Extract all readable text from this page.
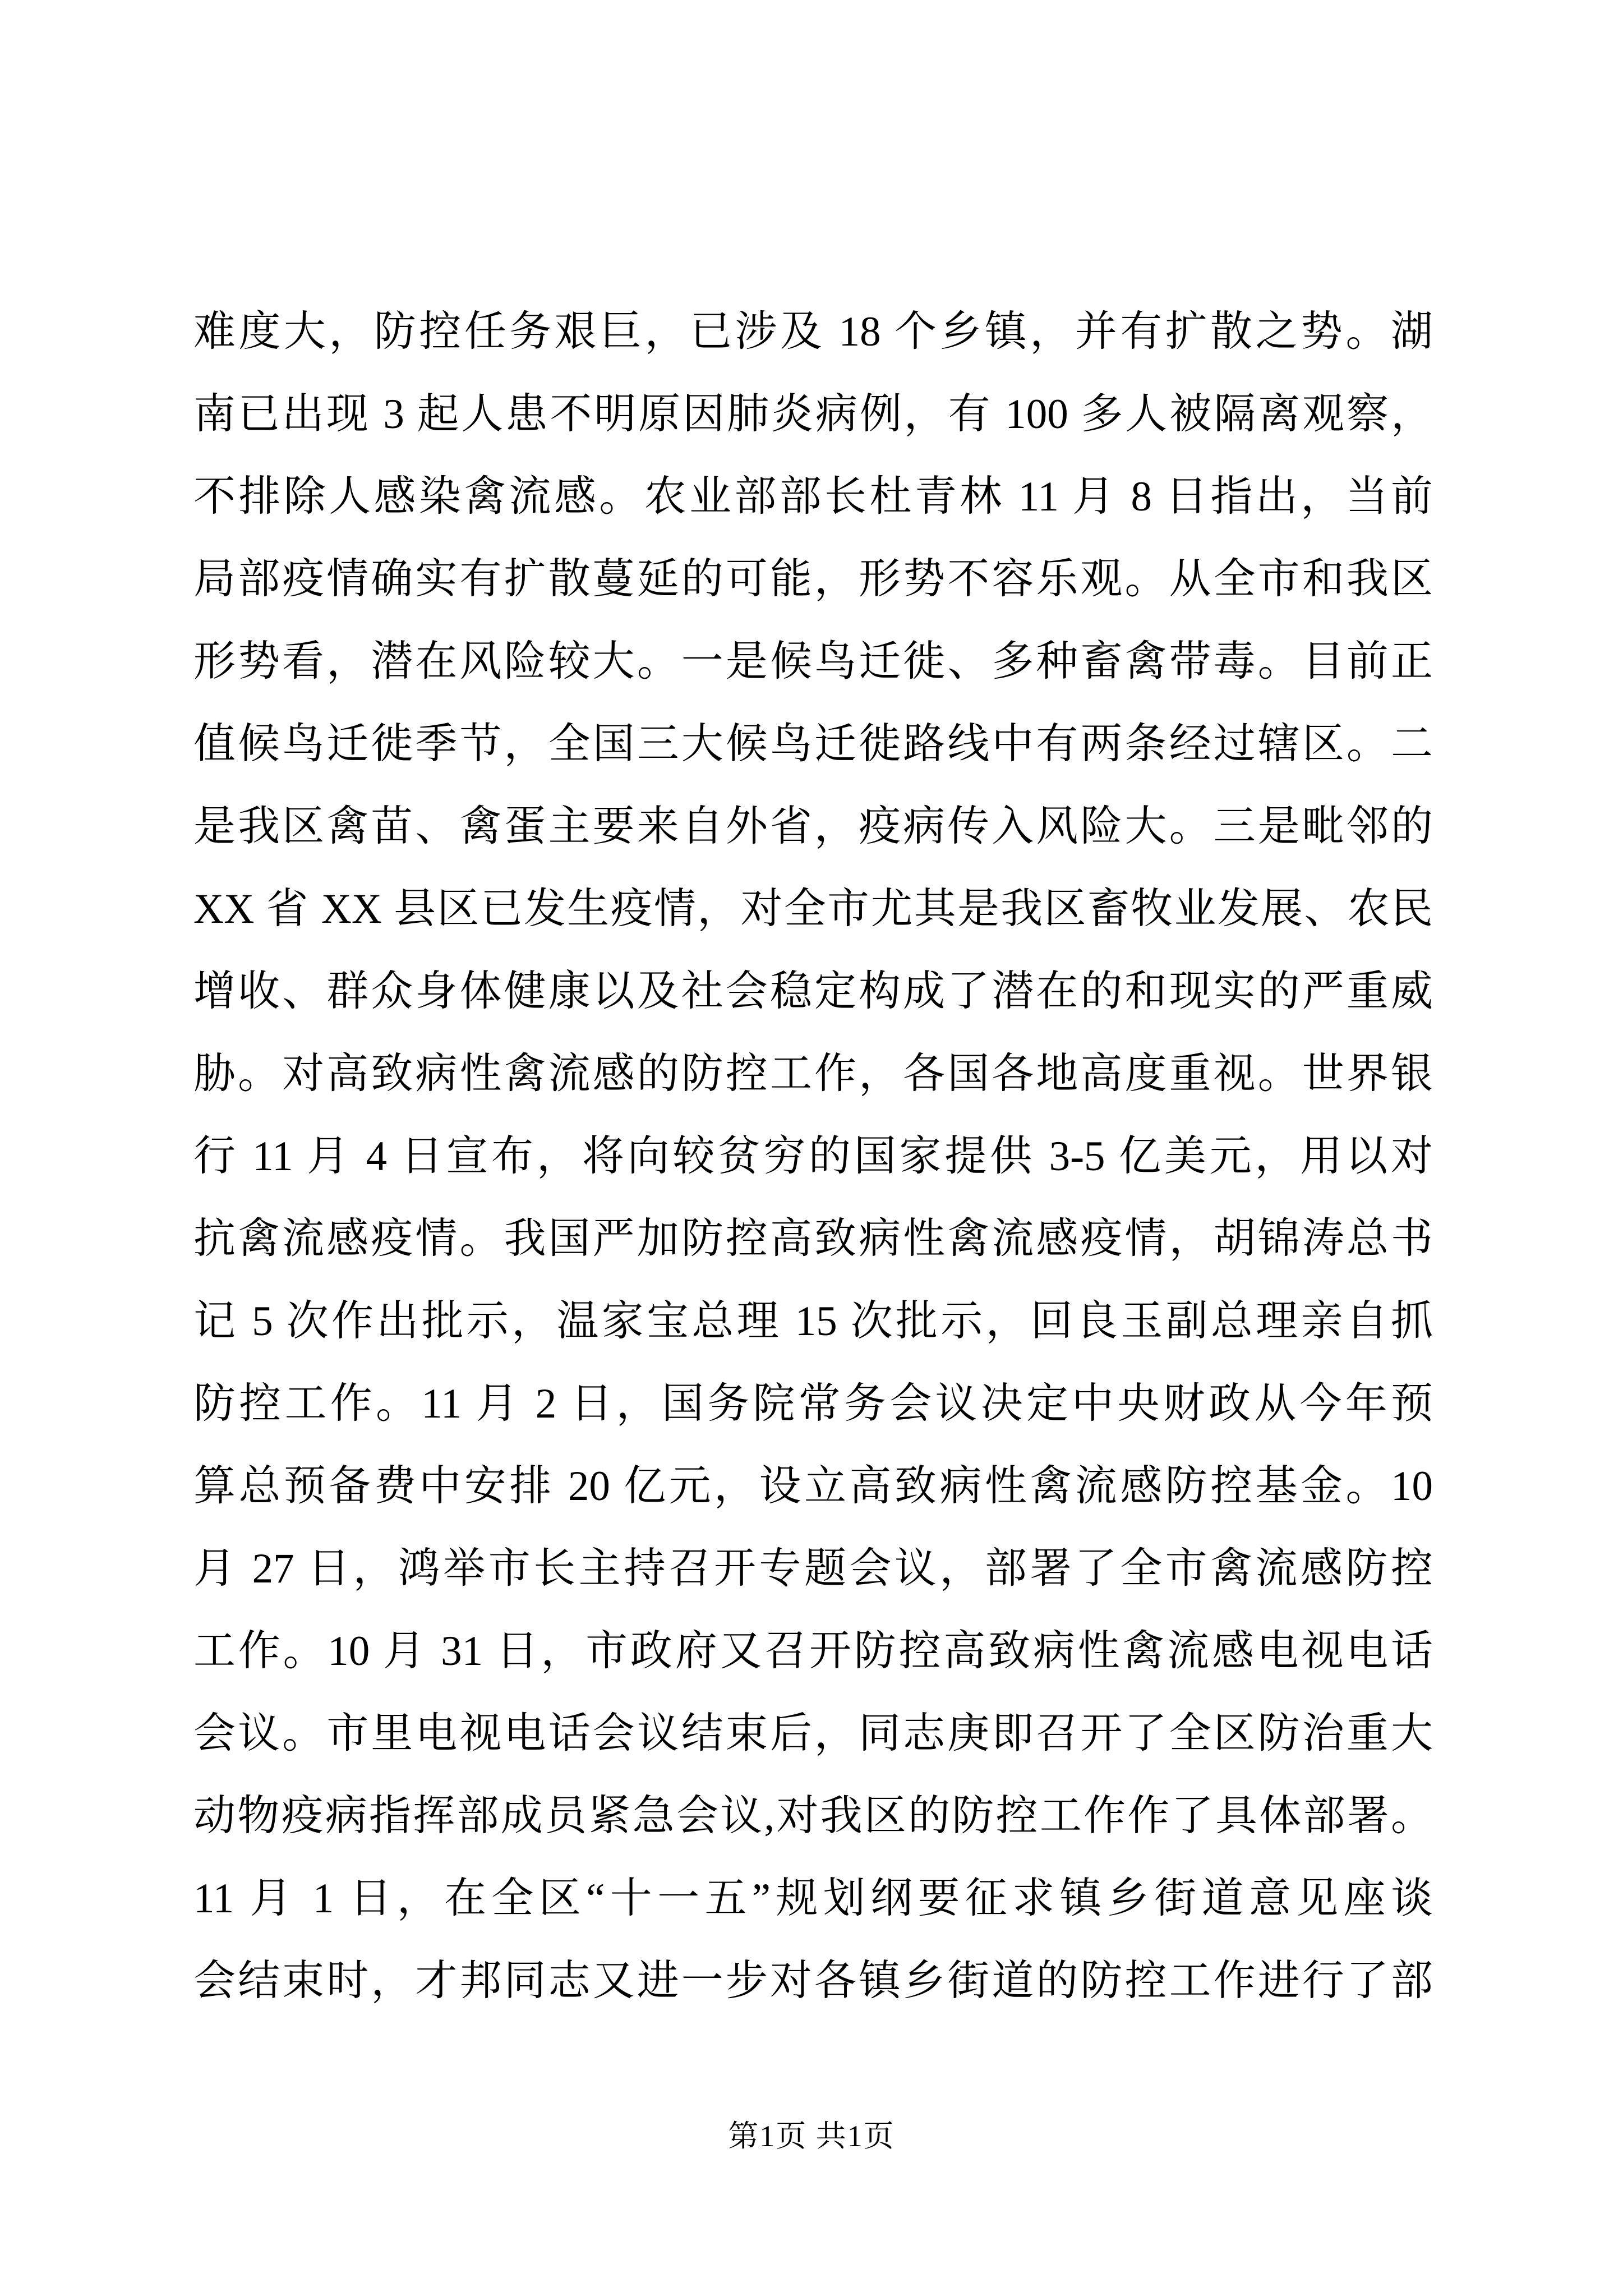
难度大，防控任务艰巨，已涉及 18 个乡镇，并有扩散之势。湖
南已出现 3 起人患不明原因肺炎病例，有 100 多人被隔离观察，
不排除人感染禽流感。农业部部长杜青林 11 月 8 日指出，当前
局部疫情确实有扩散蔓延的可能，形势不容乐观。从全市和我区
形势看，潜在风险较大。一是候鸟迁徙、多种畜禽带毒。目前正
值候鸟迁徙季节，全国三大候鸟迁徙路线中有两条经过辖区。二
是我区禽苗、禽蛋主要来自外省，疫病传入风险大。三是毗邻的
XX 省 XX 县区已发生疫情，对全市尤其是我区畜牧业发展、农民
增收、群众身体健康以及社会稳定构成了潜在的和现实的严重威
胁。对高致病性禽流感的防控工作，各国各地高度重视。世界银
行 11 月 4 日宣布，将向较贫穷的国家提供 3-5 亿美元，用以对
抗禽流感疫情。我国严加防控高致病性禽流感疫情，胡锦涛总书
记 5 次作出批示，温家宝总理 15 次批示，回良玉副总理亲自抓
防控工作。11 月 2 日，国务院常务会议决定中央财政从今年预
算总预备费中安排 20 亿元，设立高致病性禽流感防控基金。10
月 27 日，鸿举市长主持召开专题会议，部署了全市禽流感防控
工作。10 月 31 日，市政府又召开防控高致病性禽流感电视电话
会议。市里电视电话会议结束后，同志庚即召开了全区防治重大
动物疫病指挥部成员紧急会议,对我区的防控工作作了具体部署。
11 月 1 日，在全区“十一五”规划纲要征求镇乡街道意见座谈
会结束时，才邦同志又进一步对各镇乡街道的防控工作进行了部
第1页 共1页
